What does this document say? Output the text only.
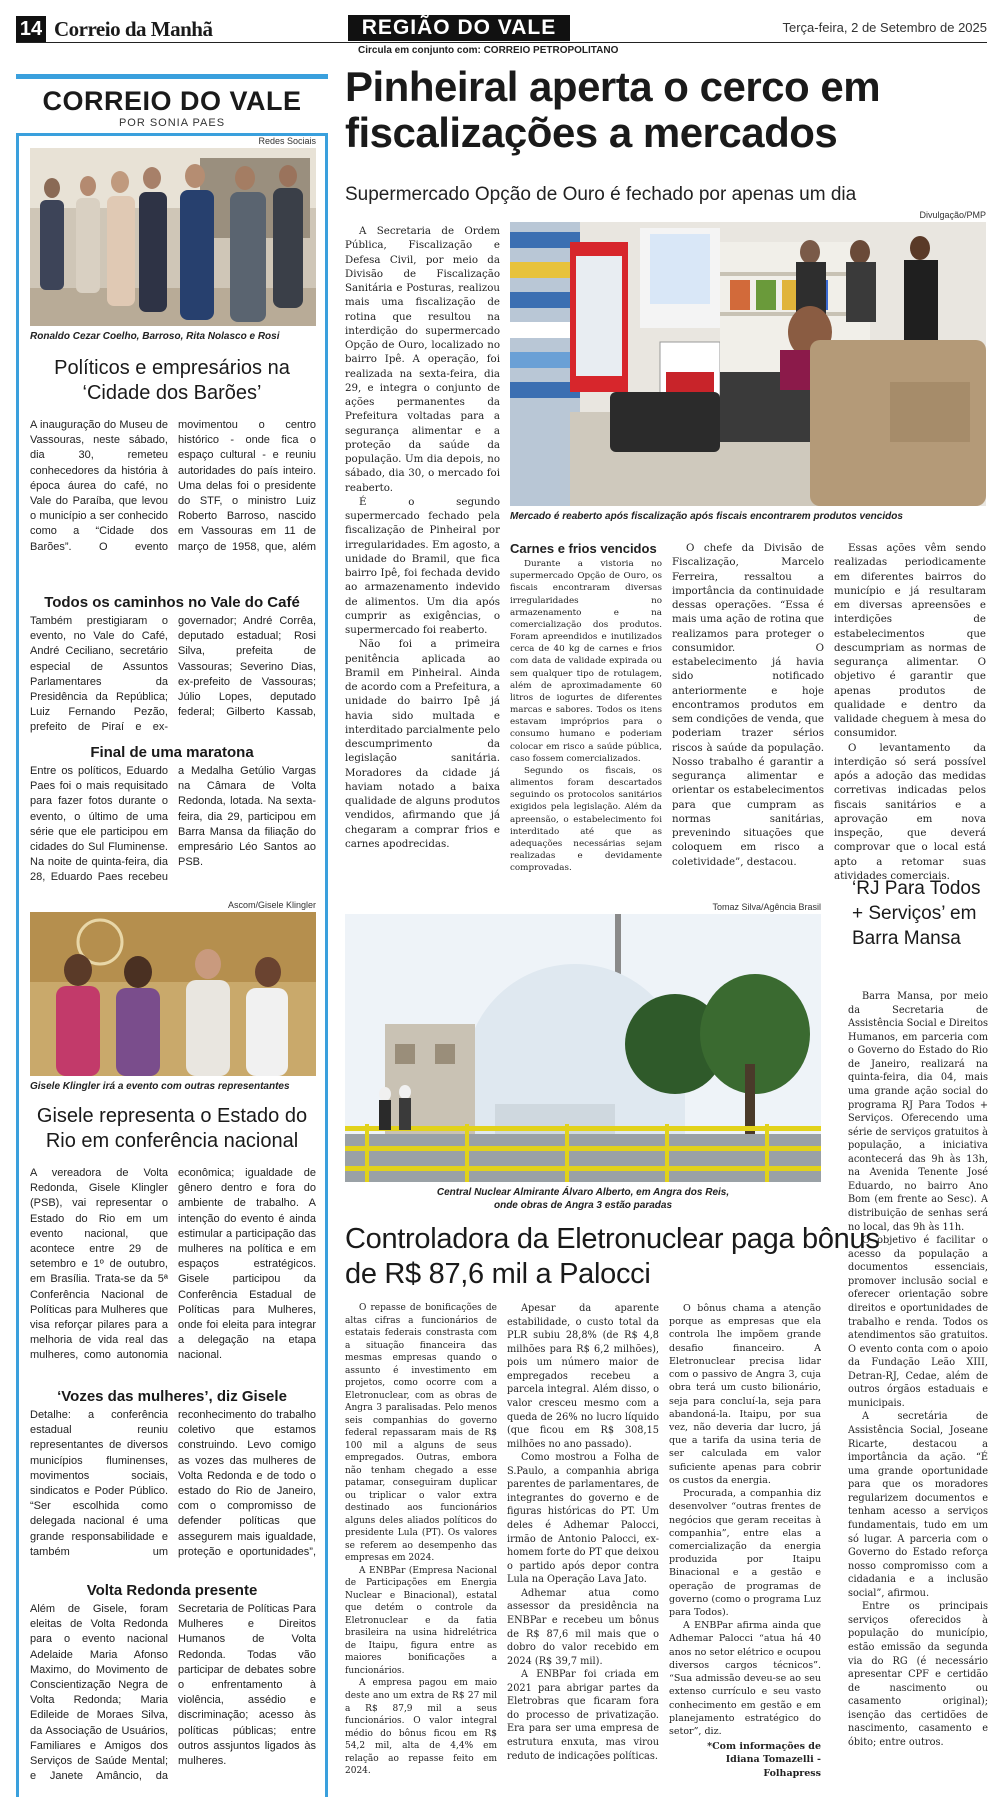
14 Correio da Manhã	REGIÃO DO VALE	Terça-feira, 2 de Setembro de 2025
Circula em conjunto com: CORREIO PETROPOLITANO
CORREIO DO VALE
POR SONIA PAES
Redes Sociais
Ronaldo Cezar Coelho, Barroso, Rita Nolasco e Rosi
Políticos e empresários na ‘Cidade dos Barões’
A inauguração do Museu de Vassouras, neste sábado, dia 30, remeteu conhecedores da história à época áurea do café, no Vale do Paraíba, que levou o município a ser conhecido como a “Cidade dos Barões”. O evento movimentou o centro histórico - onde fica o espaço cultural - e reuniu autoridades do país inteiro. Uma delas foi o presidente do STF, o ministro Luiz Roberto Barroso, nascido em Vassouras em 11 de março de 1958, que, além
Todos os caminhos no Vale do Café
Também prestigiaram o evento, no Vale do Café, André Ceciliano, secretário especial de Assuntos Parlamentares da Presidência da República; Luiz Fernando Pezão, prefeito de Piraí e ex-governador; André Corrêa, deputado estadual; Rosi Silva, prefeita de Vassouras; Severino Dias, ex-prefeito de Vassouras; Júlio Lopes, deputado federal; Gilberto Kassab,
Final de uma maratona
Entre os políticos, Eduardo Paes foi o mais requisitado para fazer fotos durante o evento, o último de uma série que ele participou em cidades do Sul Fluminense. Na noite de quinta-feira, dia 28, Eduardo Paes recebeu a Medalha Getúlio Vargas na Câmara de Volta Redonda, lotada. Na sexta-feira, dia 29, participou em Barra Mansa da filiação do empresário Léo Santos ao PSB.
Ascom/Gisele Klingler
Gisele Klingler irá a evento com outras representantes
Gisele representa o Estado do Rio em conferência nacional
A vereadora de Volta Redonda, Gisele Klingler (PSB), vai representar o Estado do Rio em um evento nacional, que acontece entre 29 de setembro e 1º de outubro, em Brasília. Trata-se da 5ª Conferência Nacional de Políticas para Mulheres que visa reforçar pilares para a melhoria de vida real das mulheres, como autonomia econômica; igualdade de gênero dentro e fora do ambiente de trabalho. A intenção do evento é ainda estimular a participação das mulheres na política e em espaços estratégicos. Gisele participou da Conferência Estadual de Políticas para Mulheres, onde foi eleita para integrar a delegação na etapa nacional.
‘Vozes das mulheres’, diz Gisele
Detalhe: a conferência estadual reuniu representantes de diversos municípios fluminenses, movimentos sociais, sindicatos e Poder Público. “Ser escolhida como delegada nacional é uma grande responsabilidade e também um reconhecimento do trabalho coletivo que estamos construindo. Levo comigo as vozes das mulheres de Volta Redonda e de todo o estado do Rio de Janeiro, com o compromisso de defender políticas que assegurem mais igualdade, proteção e oportunidades”,
Volta Redonda presente
Além de Gisele, foram eleitas de Volta Redonda para o evento nacional Adelaide Maria Afonso Maximo, do Movimento de Conscientização Negra de Volta Redonda; Maria Edileide de Moraes Silva, da Associação de Usuários, Familiares e Amigos dos Serviços de Saúde Mental; e Janete Amâncio, da Secretaria de Políticas Para Mulheres e Direitos Humanos de Volta Redonda. Todas vão participar de debates sobre o enfrentamento à violência, assédio e discriminação; acesso às políticas públicas; entre outros assjuntos ligados às mulheres.
Pinheiral aperta o cerco em fiscalizações a mercados
Supermercado Opção de Ouro é fechado por apenas um dia

A Secretaria de Ordem Pública, Fiscalização e Defesa Civil, por meio da Divisão de Fiscalização Sanitária e Posturas, realizou mais uma fiscalização de rotina que resultou na interdição do supermercado Opção de Ouro, localizado no bairro Ipê. A operação, foi realizada na sexta-feira, dia 29, e integra o conjunto de ações permanentes da Prefeitura voltadas para a segurança alimentar e a proteção da saúde da população. Um dia depois, no sábado, dia 30, o mercado foi reaberto.

É o segundo supermercado fechado pela fiscalização de Pinheiral por irregularidades. Em agosto, a unidade do Bramil, que fica bairro Ipê, foi fechada devido ao armazenamento indevido de alimentos. Um dia após cumprir as exigências, o supermercado foi reaberto.

Não foi a primeira penitência aplicada ao Bramil em Pinheiral. Ainda de acordo com a Prefeitura, a unidade do bairro Ipê já havia sido multada e interditado parcialmente pelo descumprimento da legislação sanitária. Moradores da cidade já haviam notado a baixa qualidade de alguns produtos vendidos, afirmando que já chegaram a comprar frios e carnes apodrecidas.

Divulgação/PMP
Mercado é reaberto após fiscalização após fiscais encontrarem produtos vencidos
Carnes e frios vencidos

Durante a vistoria no supermercado Opção de Ouro, os fiscais encontraram diversas irregularidades no armazenamento e na comercialização dos produtos. Foram apreendidos e inutilizados cerca de 40 kg de carnes e frios com data de validade expirada ou sem qualquer tipo de rotulagem, além de aproximadamente 60 litros de iogurtes de diferentes marcas e sabores. Todos os itens estavam impróprios para o consumo humano e poderiam colocar em risco a saúde pública, caso fossem comercializados.

Segundo os fiscais, os alimentos foram descartados seguindo os protocolos sanitários exigidos pela legislação. Além da apreensão, o estabelecimento foi interditado até que as adequações necessárias sejam realizadas e devidamente comprovadas.

O chefe da Divisão de Fiscalização, Marcelo Ferreira, ressaltou a importância da continuidade dessas operações. “Essa é mais uma ação de rotina que realizamos para proteger o consumidor. O estabelecimento já havia sido notificado anteriormente e hoje encontramos produtos em sem condições de venda, que poderiam trazer sérios riscos à saúde da população. Nosso trabalho é garantir a segurança alimentar e orientar os estabelecimentos para que cumpram as normas sanitárias, prevenindo situações que coloquem em risco a coletividade”, destacou.

Essas ações vêm sendo realizadas periodicamente em diferentes bairros do município e já resultaram em diversas apreensões e interdições de estabelecimentos que descumpriam as normas de segurança alimentar. O objetivo é garantir que apenas produtos de qualidade e dentro da validade cheguem à mesa do consumidor.

O levantamento da interdição só será possível após a adoção das medidas corretivas indicadas pelos fiscais sanitários e a aprovação em nova inspeção, que deverá comprovar que o local está apto a retomar suas atividades comerciais.

Tomaz Silva/Agência Brasil
Central Nuclear Almirante Álvaro Alberto, em Angra dos Reis,
onde obras de Angra 3 estão paradas
Controladora da Eletronuclear paga bônus de R$ 87,6 mil a Palocci

O repasse de bonificações de altas cifras a funcionários de estatais federais constrasta com a situação financeira das mesmas empresas quando o assunto é investimento em projetos, como ocorre com a Eletronuclear, com as obras de Angra 3 paralisadas. Pelo menos seis companhias do governo federal repassaram mais de R$ 100 mil a alguns de seus empregados. Outras, embora não tenham chegado a esse patamar, conseguiram duplicar ou triplicar o valor extra destinado aos funcionários alguns deles aliados políticos do presidente Lula (PT). Os valores se referem ao desempenho das empresas em 2024.

A ENBPar (Empresa Nacional de Participações em Energia Nuclear e Binacional), estatal que detém o controle da Eletronuclear e da fatia brasileira na usina hidrelétrica de Itaipu, figura entre as maiores bonificações a funcionários.

A empresa pagou em maio deste ano um extra de R$ 27 mil a R$ 87,9 mil a seus funcionários. O valor integral médio do bônus ficou em R$ 54,2 mil, alta de 4,4% em relação ao repasse feito em 2024.

Apesar da aparente estabilidade, o custo total da PLR subiu 28,8% (de R$ 4,8 milhões para R$ 6,2 milhões), pois um número maior de empregados recebeu a parcela integral. Além disso, o valor cresceu mesmo com a queda de 26% no lucro líquido (que ficou em R$ 308,15 milhões no ano passado).

Como mostrou a Folha de S.Paulo, a companhia abriga parentes de parlamentares, de integrantes do governo e de figuras históricas do PT. Um deles é Adhemar Palocci, irmão de Antonio Palocci, ex-homem forte do PT que deixou o partido após depor contra Lula na Operação Lava Jato.

Adhemar atua como assessor da presidência na ENBPar e recebeu um bônus de R$ 87,6 mil mais que o dobro do valor recebido em 2024 (R$ 39,7 mil).

A ENBPar foi criada em 2021 para abrigar partes da Eletrobras que ficaram fora do processo de privatização. Era para ser uma empresa de estrutura enxuta, mas virou reduto de indicações políticas.

O bônus chama a atenção porque as empresas que ela controla lhe impõem grande desafio financeiro. A Eletronuclear precisa lidar com o passivo de Angra 3, cuja obra terá um custo bilionário, seja para concluí-la, seja para abandoná-la. Itaipu, por sua vez, não deveria dar lucro, já que a tarifa da usina teria de ser calculada em valor suficiente apenas para cobrir os custos da energia.

Procurada, a companhia diz desenvolver “outras frentes de negócios que geram receitas à companhia”, entre elas a comercialização da energia produzida por Itaipu Binacional e a gestão e operação de programas de governo (como o programa Luz para Todos).

A ENBPar afirma ainda que Adhemar Palocci “atua há 40 anos no setor elétrico e ocupou diversos cargos técnicos”. “Sua admissão deveu-se ao seu extenso currículo e seu vasto conhecimento em gestão e em planejamento estratégico do setor”, diz.

*Com informações de
Idiana Tomazelli - Folhapress
‘RJ Para Todos + Serviços’ em Barra Mansa

Barra Mansa, por meio da Secretaria de Assistência Social e Direitos Humanos, em parceria com o Governo do Estado do Rio de Janeiro, realizará na quinta-feira, dia 04, mais uma grande ação social do programa RJ Para Todos + Serviços. Oferecendo uma série de serviços gratuitos à população, a iniciativa acontecerá das 9h às 13h, na Avenida Tenente José Eduardo, no bairro Ano Bom (em frente ao Sesc). A distribuição de senhas será no local, das 9h às 11h.

O objetivo é facilitar o acesso da população a documentos essenciais, promover inclusão social e oferecer orientação sobre direitos e oportunidades de trabalho e renda. Todos os atendimentos são gratuitos. O evento conta com o apoio da Fundação Leão XIII, Detran-RJ, Cedae, além de outros órgãos estaduais e municipais.

A secretária de Assistência Social, Joseane Ricarte, destacou a importância da ação. “É uma grande oportunidade para que os moradores regularizem documentos e tenham acesso a serviços fundamentais, tudo em um só lugar. A parceria com o Governo do Estado reforça nosso compromisso com a cidadania e a inclusão social”, afirmou.

Entre os principais serviços oferecidos à população do município, estão emissão da segunda via do RG (é necessário apresentar CPF e certidão de nascimento ou casamento original); isenção das certidões de nascimento, casamento e óbito; entre outros.
